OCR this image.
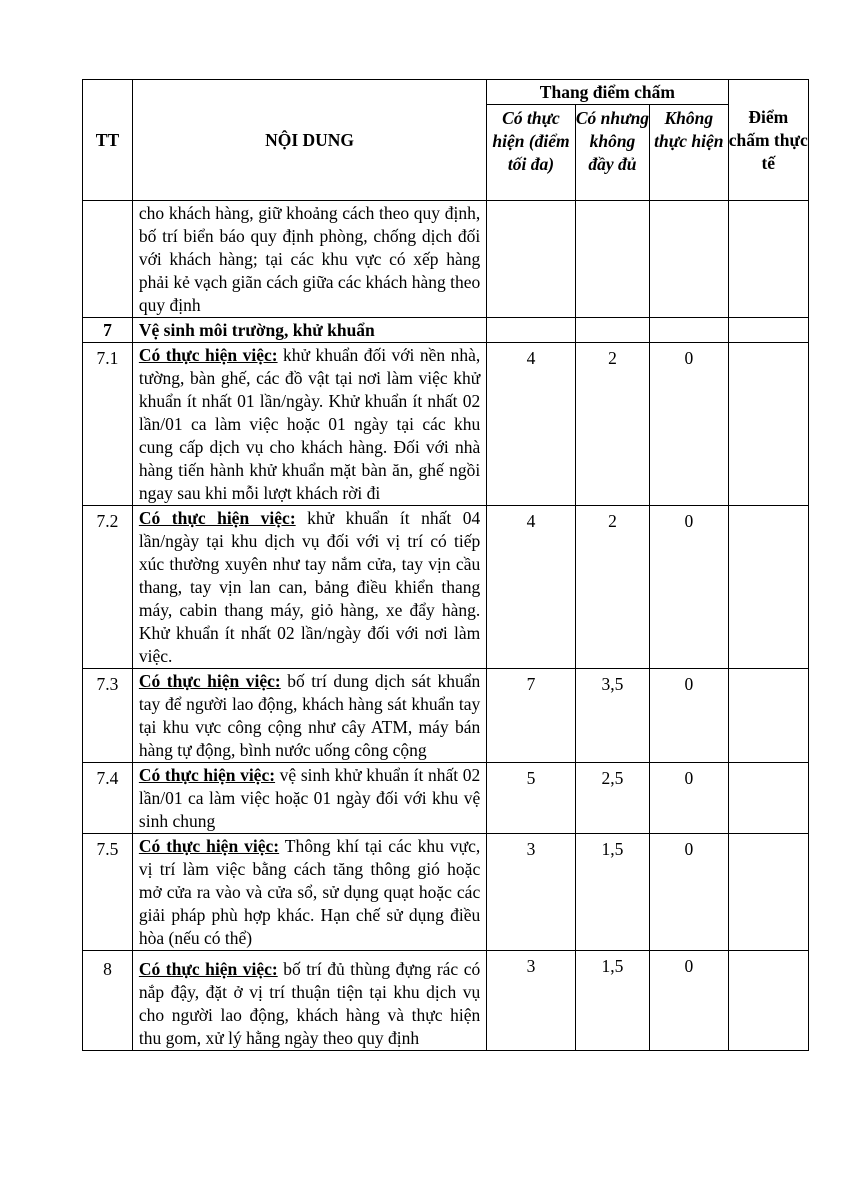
TT	NỘI DUNG	Thang điểm chấm			Điểm chấm thực tế
		Có thực hiện (điểm tối đa)	Có nhưng không đầy đủ	Không thực hiện	
	cho khách hàng, giữ khoảng cách theo quy định, bố trí biển báo quy định phòng, chống dịch đối với khách hàng; tại các khu vực có xếp hàng phải kẻ vạch giãn cách giữa các khách hàng theo quy định				
7	Vệ sinh môi trường, khử khuẩn				
7.1	Có thực hiện việc: khử khuẩn đối với nền nhà, tường, bàn ghế, các đồ vật tại nơi làm việc khử khuẩn ít nhất 01 lần/ngày. Khử khuẩn ít nhất 02 lần/01 ca làm việc hoặc 01 ngày tại các khu cung cấp dịch vụ cho khách hàng. Đối với nhà hàng tiến hành khử khuẩn mặt bàn ăn, ghế ngồi ngay sau khi mỗi lượt khách rời đi	4	2	0	
7.2	Có thực hiện việc: khử khuẩn ít nhất 04 lần/ngày tại khu dịch vụ đối với vị trí có tiếp xúc thường xuyên như tay nắm cửa, tay vịn cầu thang, tay vịn lan can, bảng điều khiển thang máy, cabin thang máy, giỏ hàng, xe đẩy hàng. Khử khuẩn ít nhất 02 lần/ngày đối với nơi làm việc.	4	2	0	
7.3	Có thực hiện việc: bố trí dung dịch sát khuẩn tay để người lao động, khách hàng sát khuẩn tay tại khu vực công cộng như cây ATM, máy bán hàng tự động, bình nước uống công cộng	7	3,5	0	
7.4	Có thực hiện việc: vệ sinh khử khuẩn ít nhất 02 lần/01 ca làm việc hoặc 01 ngày đối với khu vệ sinh chung	5	2,5	0	
7.5	Có thực hiện việc: Thông khí tại các khu vực, vị trí làm việc bằng cách tăng thông gió hoặc mở cửa ra vào và cửa sổ, sử dụng quạt hoặc các giải pháp phù hợp khác. Hạn chế sử dụng điều hòa (nếu có thể)	3	1,5	0	
8	Có thực hiện việc: bố trí đủ thùng đựng rác có nắp đậy, đặt ở vị trí thuận tiện tại khu dịch vụ cho người lao động, khách hàng và thực hiện thu gom, xử lý hằng ngày theo quy định	3	1,5	0	
